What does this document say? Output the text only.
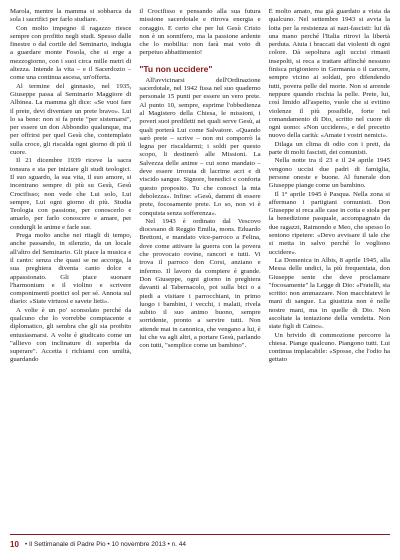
Marola, mentre la mamma si sobbarca da sola i sacrifici per farlo studiare.

Con molto impegno il ragazzo riesce sempre con profitto negli studi. Spesso dalle finestre o dal cortile del Seminario, indugia a guardare monte Fosola, che si erge a mezzogiorno, con i suoi circa mille metri di altezza. Intende la vita – e il Sacerdozio – come una continua ascesa, un'offerta.

Al termine del ginnasio, nel 1935, Giuseppe passa al Seminario Maggiore di Albinea. La mamma gli dice: «Se vuoi fare il prete, devi diventare un prete bravo». Lui lo sa bene: non si fa prete "per sistemarsi", per essere un don Abbondio qualunque, ma per offrirsi per quel Gesù che, contemplato sulla croce, gli riscalda ogni giorno di più il cuore.

Il 21 dicembre 1939 riceve la sacra tonsura e sta per iniziare gli studi teologici. Il suo sguardo, la sua vita, il suo amore, si incentrano sempre di più su Gesù, Gesù Crocifisso; non vede che Lui solo, Lui sempre, Lui ogni giorno di più. Studia Teologia con passione, per conoscerlo e amarlo, per farlo conoscere e amare, per condurgli le anime e farle sue.

Prega molto anche nei ritagli di tempo, anche passando, in silenzio, da un locale all'altro del Seminario. Gli piace la musica e il canto: senza che quasi se ne accorga, la sua preghiera diventa canto dolce e appassionato. Gli piace suonare l'harmonium e il violino e scrivere componimenti poetici sol per sé. Annota sul diario: «Siate virtuosi e savete lieti».

A volte è un po' sconsolato perché da qualcuno che lo vorrebbe compiacente e diplomatico, gli sembra che gli sia proibito entusiasmarsi. A volte è giudicato come un "allievo con inclinature di superbia da superare". Accetta i richiami con umiltà, guardando

il Crocifisso e pensando alla sua futura missione sacerdotale e ritrova energia e coraggio. E certo che per lui Gesù Cristo non è un sonnifero, ma la passione ardente che lo mobilita: non farà mai voto di perpetuo abbattimento!

"Tu non uccidere"

All'avvicinarsi dell'Ordinazione sacerdotale, nel 1942 fissa nel suo quaderno personale 15 punti per essere un vero prete. Al punto 10, sempre, esprime l'obbedienza al Magistero della Chiesa, le missioni, i poveri suoi prediletti nei quali serve Gesù, ai quali porterà Lui come Salvatore. «Quando sarò prete – scrive – non mi comporrò la legna per riscaldarmi; i soldi per questo scopo, li destinerò alle Missioni. La Salvezza delle anime – cui sono mandato – deve essere irrorata di lacrime acri e di viscido sangue. Signore, benedici e conforta questo proposito. Tu che conosci la mia debolezza». Infine: «Gesù, dammi di essere prete, focosamente prete. Lo so, non vi è conquista senza sofferenza».

Nel 1943 è ordinato dal Vescovo diocesano di Reggio Emilia, mons. Eduardo Brettoni, e mandato vice-parroco a Felina, dove come attivare la guerra con la povera che provocato rovine, rancori e tutti. Vi trova il parroco don Corsi, anziano e infermo. Il lavoro da compiere è grande. Don Giuseppe, ogni giorno in preghiera davanti al Tabernacolo, poi sulla bici o a piedi a visitare i parrocchiani, in primo luogo i bambini, i vecchi, i malati, rivela subito il suo animo buono, sempre sorridente, pronto a servire tutti. Non attende mai in canonica, che vengano a lui, è lui che va agli altri, a portare Gesù, parlando con tutti, "semplice come un bambino".

È molto amato, ma già guardato a vista da qualcuno. Nel settembre 1943 si avvia la lotta per la resistenza ai nazi-fascisti: lui dà una mano perché l'Italia ritrovi la libertà perduta. Aiuta i braccati dai violenti di ogni colore. Dà sepoltura agli uccisi rimasti insepolti, si reca a trattare affinché nessuno finisca prigioniero in Germania o il carcere, sempre vicino ai soldati, pro difendendo tutti, povera pelle del morte. Non si arrende neppure quando rischia la pelle. Prete, lui, così limido all'aspetto, vuole che si evitino violenze il più possibile, forte nel comandamento di Dio, scritto nel cuore di ogni uomo: «Non uccidere», e del precetto nuovo della carità: «Amate i vostri nemici».

Dilaga un clima di odio con i preti, da parte di molti fascisti, dei comunisti.

Nella notte tra il 23 e il 24 aprile 1945 vengono uccisi due padri di famiglia, persone oneste e buone. Al funerale don Giuseppe piange come un bambino.

Il 1° aprile 1945 è Pasqua. Nella zona si affermano i partigiani comunisti. Don Giuseppe si reca alle case in cotta e stola per la benedizione pasquale, accompagnato da due ragazzi, Raimondo e Meo, che spesso lo sentono ripetere: «Devo avvisare il tale che si metta in salvo perché lo vogliono uccidere».

La Domenica in Albis, 8 aprile 1945, alla Messa delle undici, la più frequentata, don Giuseppe sente che deve proclamare "focosamente" la Legge di Dio: «Fratelli, sta scritto: non ammazzare. Non macchiatevi le mani di sangue. La giustizia non è nelle nostre mani, ma in quelle di Dio. Non ascoltate la tentazione della vendetta. Non siate figli di Caino».

Un brivido di commozione percorre la chiesa. Piange qualcuno. Piangono tutti. Lui continua implacabile: «Sposse, che l'odio ha gettato

10 • Il Settimanale di Padre Pio • 10 novembre 2013 • n. 44
